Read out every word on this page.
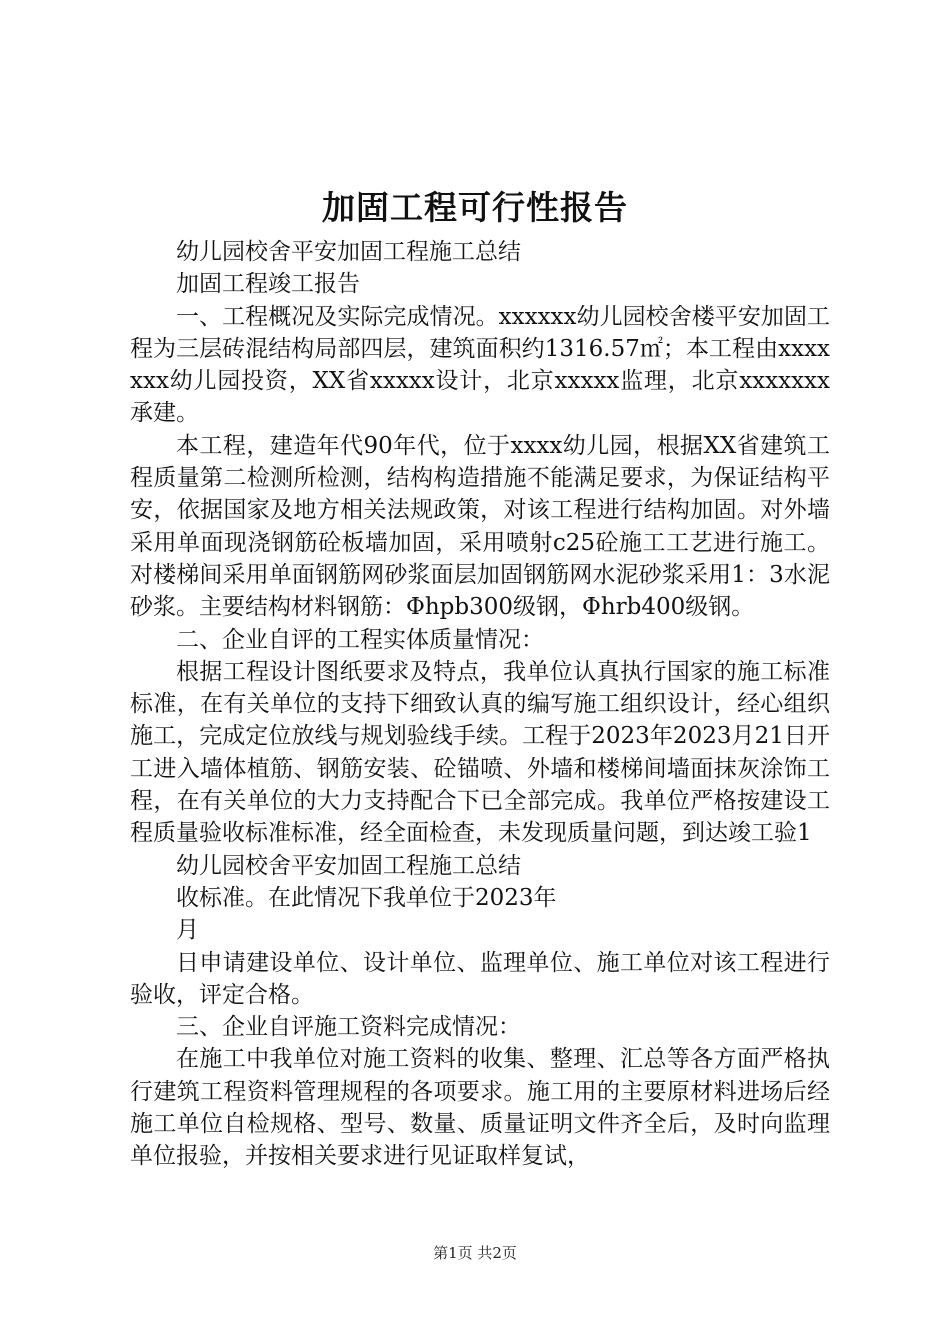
加固工程可行性报告

幼儿园校舍平安加固工程施工总结

加固工程竣工报告

一、工程概况及实际完成情况。xxxxxx幼儿园校舍楼平安加固工程为三层砖混结构局部四层，建筑面积约1316.57㎡；本工程由xxxxxxx幼儿园投资，XX省xxxxx设计，北京xxxxx监理，北京xxxxxxx承建。

本工程，建造年代90年代，位于xxxx幼儿园，根据XX省建筑工程质量第二检测所检测，结构构造措施不能满足要求，为保证结构平安，依据国家及地方相关法规政策，对该工程进行结构加固。对外墙采用单面现浇钢筋砼板墙加固，采用喷射c25砼施工工艺进行施工。对楼梯间采用单面钢筋网砂浆面层加固钢筋网水泥砂浆采用1：3水泥砂浆。主要结构材料钢筋：Φhpb300级钢，Φhrb400级钢。

二、企业自评的工程实体质量情况：

根据工程设计图纸要求及特点，我单位认真执行国家的施工标准标准，在有关单位的支持下细致认真的编写施工组织设计，经心组织施工，完成定位放线与规划验线手续。工程于2023年2023月21日开工进入墙体植筋、钢筋安装、砼锚喷、外墙和楼梯间墙面抹灰涂饰工程，在有关单位的大力支持配合下已全部完成。我单位严格按建设工程质量验收标准标准，经全面检查，未发现质量问题，到达竣工验1

幼儿园校舍平安加固工程施工总结

收标准。在此情况下我单位于2023年

月

日申请建设单位、设计单位、监理单位、施工单位对该工程进行验收，评定合格。

三、企业自评施工资料完成情况：

在施工中我单位对施工资料的收集、整理、汇总等各方面严格执行建筑工程资料管理规程的各项要求。施工用的主要原材料进场后经施工单位自检规格、型号、数量、质量证明文件齐全后，及时向监理单位报验，并按相关要求进行见证取样复试，

第1页 共2页
